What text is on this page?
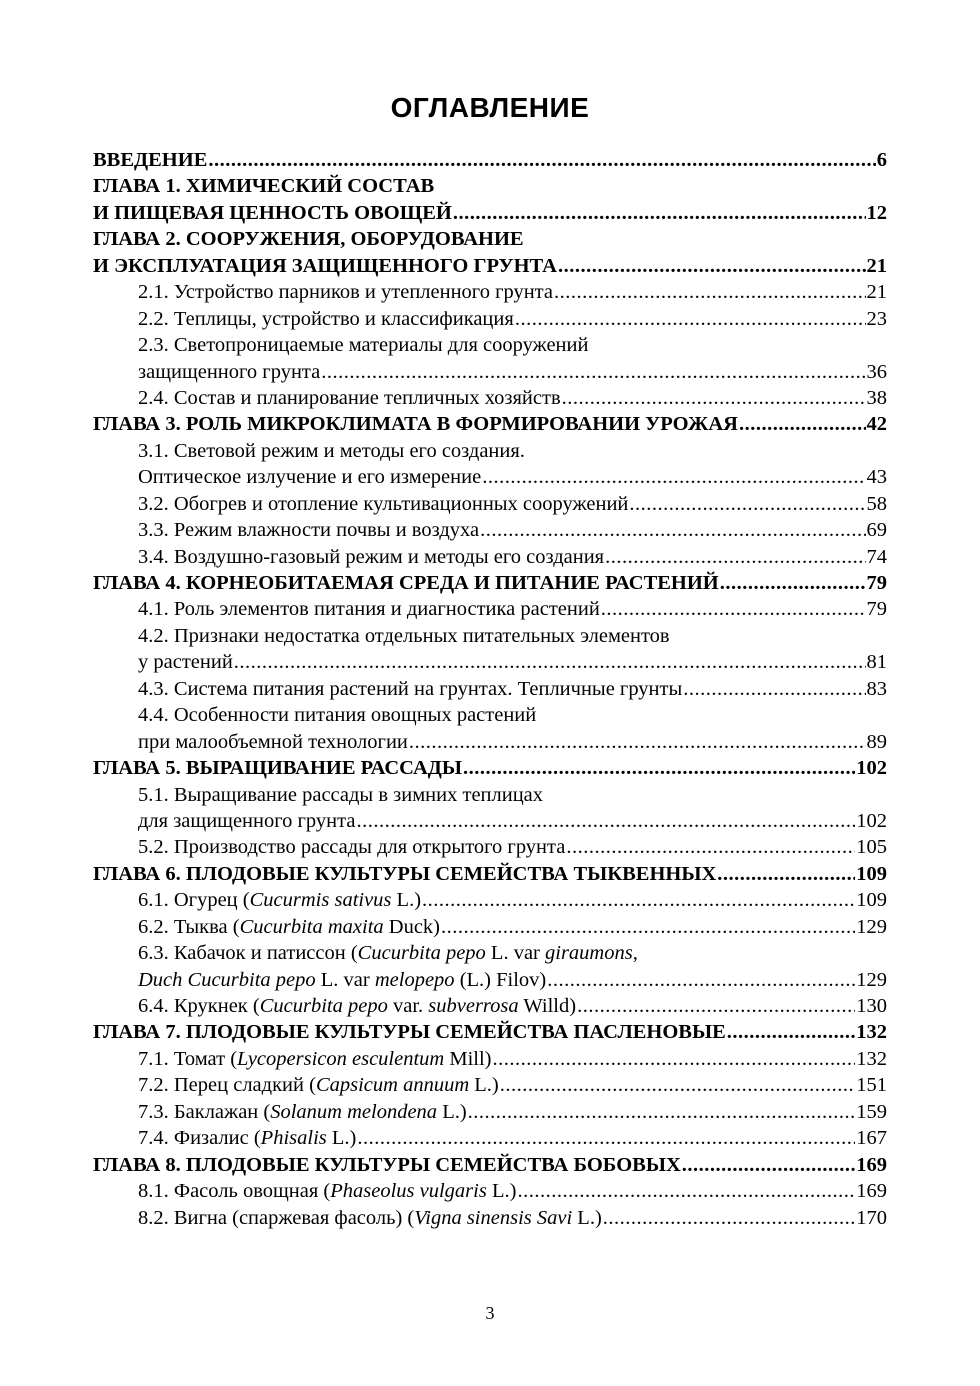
ОГЛАВЛЕНИЕ
ВВЕДЕНИЕ .....	6
ГЛАВА 1. ХИМИЧЕСКИЙ СОСТАВ
И ПИЩЕВАЯ ЦЕННОСТЬ ОВОЩЕЙ .....	12
ГЛАВА 2. СООРУЖЕНИЯ, ОБОРУДОВАНИЕ
И ЭКСПЛУАТАЦИЯ ЗАЩИЩЕННОГО ГРУНТА .....	21
2.1. Устройство парников и утепленного грунта .....	21
2.2. Теплицы, устройство и классификация .....	23
2.3. Светопроницаемые материалы для сооружений
защищенного грунта .....	36
2.4. Состав и планирование тепличных хозяйств .....	38
ГЛАВА 3. РОЛЬ МИКРОКЛИМАТА В ФОРМИРОВАНИИ УРОЖАЯ .....	42
3.1. Световой режим и методы его создания.
Оптическое излучение и его измерение .....	43
3.2. Обогрев и отопление культивационных сооружений .....	58
3.3. Режим влажности почвы и воздуха .....	69
3.4. Воздушно-газовый режим и методы его создания .....	74
ГЛАВА 4. КОРНЕОБИТАЕМАЯ СРЕДА И ПИТАНИЕ РАСТЕНИЙ .....	79
4.1. Роль элементов питания и диагностика растений .....	79
4.2. Признаки недостатка отдельных питательных элементов
у растений .....	81
4.3. Система питания растений на грунтах. Тепличные грунты .....	83
4.4. Особенности питания овощных растений
при малообъемной технологии .....	89
ГЛАВА 5. ВЫРАЩИВАНИЕ РАССАДЫ .....	102
5.1. Выращивание рассады в зимних теплицах
для защищенного грунта .....	102
5.2. Производство рассады для открытого грунта .....	105
ГЛАВА 6. ПЛОДОВЫЕ КУЛЬТУРЫ СЕМЕЙСТВА ТЫКВЕННЫХ .....	109
6.1. Огурец (Cucurmis sativus L.) .....	109
6.2. Тыква (Cucurbita maxita Duck) .....	129
6.3. Кабачок и патиссон (Cucurbita pepo L. var giraumons,
Duch Cucurbita pepo L. var melopepo (L.) Filov) .....	129
6.4. Крукнек (Cucurbita pepo var. subverrosa Willd) .....	130
ГЛАВА 7. ПЛОДОВЫЕ КУЛЬТУРЫ СЕМЕЙСТВА ПАСЛЕНОВЫЕ .....	132
7.1. Томат (Lycopersicon esculentum Mill) .....	132
7.2. Перец сладкий (Capsicum annuum L.) .....	151
7.3. Баклажан (Solanum melondena L.) .....	159
7.4. Физалис (Phisalis L.) .....	167
ГЛАВА 8. ПЛОДОВЫЕ КУЛЬТУРЫ СЕМЕЙСТВА БОБОВЫХ .....	169
8.1. Фасоль овощная (Phaseolus vulgaris L.) .....	169
8.2. Вигна (спаржевая фасоль) (Vigna sinensis Savi L.) .....	170
3
